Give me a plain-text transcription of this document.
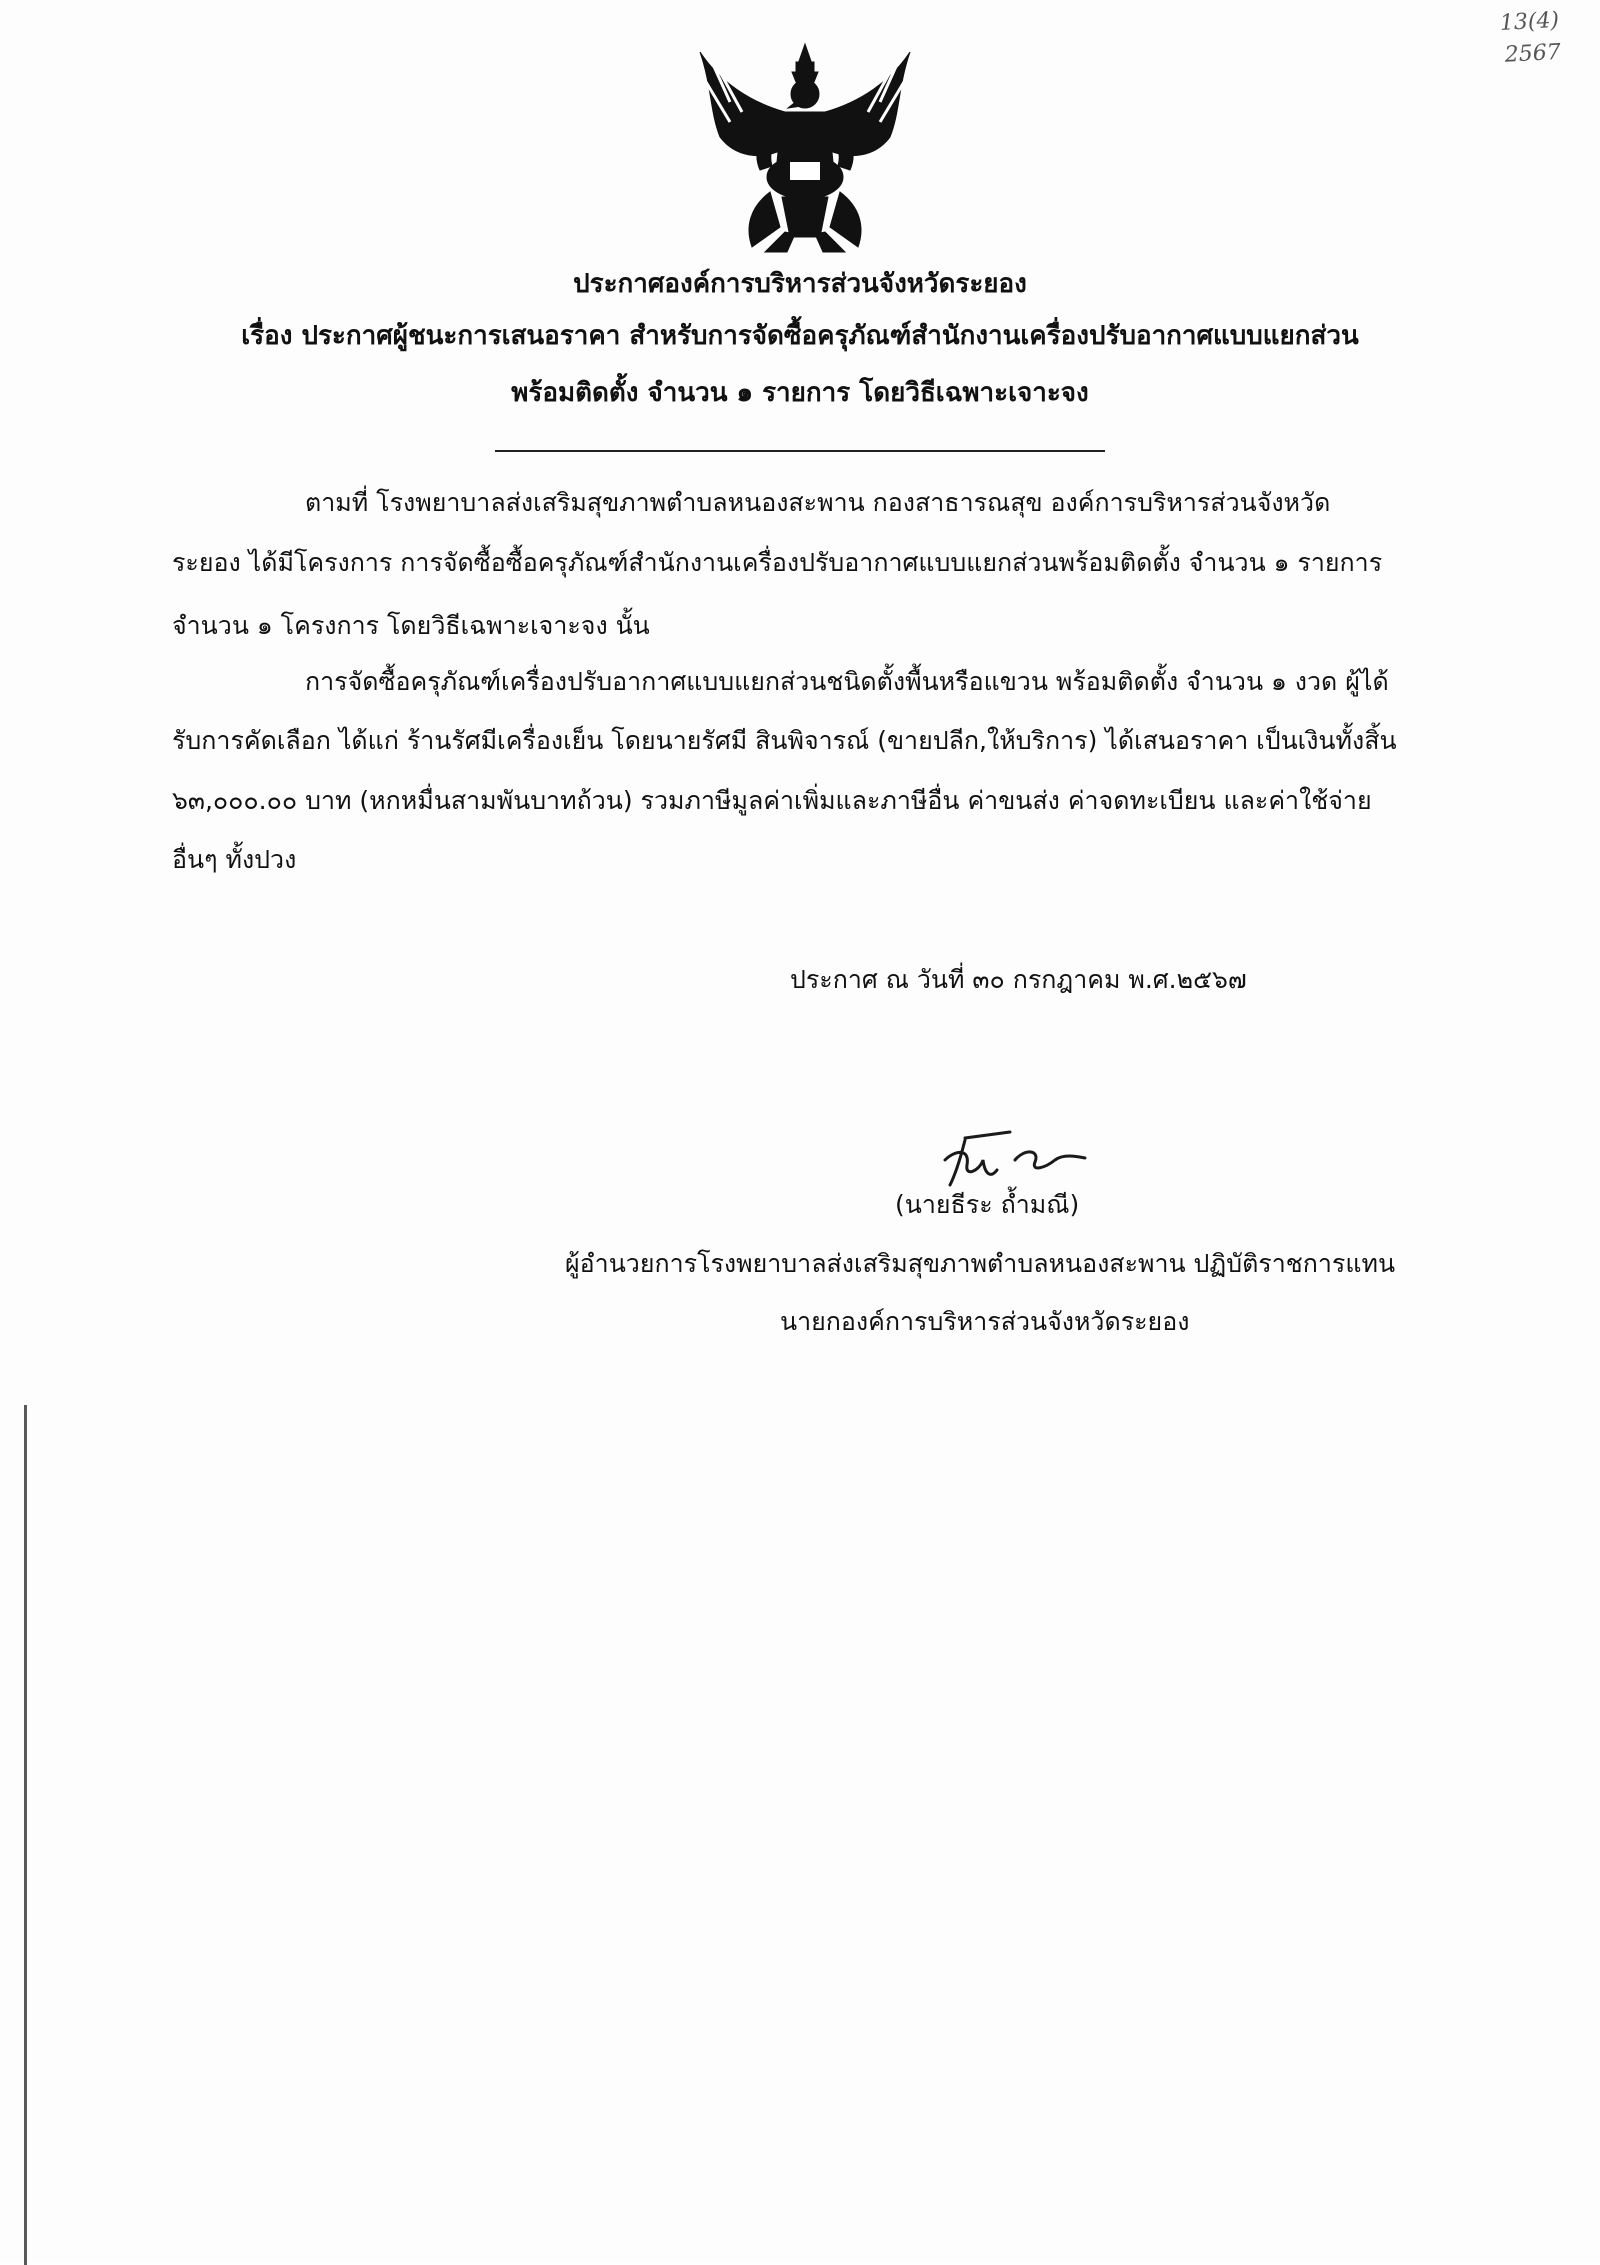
13(4)
2567
ประกาศองค์การบริหารส่วนจังหวัดระยอง
เรื่อง ประกาศผู้ชนะการเสนอราคา สำหรับการจัดซื้อครุภัณฑ์สำนักงานเครื่องปรับอากาศแบบแยกส่วน
พร้อมติดตั้ง จำนวน ๑ รายการ โดยวิธีเฉพาะเจาะจง
ตามที่ โรงพยาบาลส่งเสริมสุขภาพตำบลหนองสะพาน กองสาธารณสุข องค์การบริหารส่วนจังหวัด
ระยอง ได้มีโครงการ การจัดซื้อซื้อครุภัณฑ์สำนักงานเครื่องปรับอากาศแบบแยกส่วนพร้อมติดตั้ง จำนวน ๑ รายการ
จำนวน ๑ โครงการ โดยวิธีเฉพาะเจาะจง นั้น
การจัดซื้อครุภัณฑ์เครื่องปรับอากาศแบบแยกส่วนชนิดตั้งพื้นหรือแขวน พร้อมติดตั้ง จำนวน ๑ งวด ผู้ได้
รับการคัดเลือก ได้แก่ ร้านรัศมีเครื่องเย็น โดยนายรัศมี สินพิจารณ์ (ขายปลีก,ให้บริการ) ได้เสนอราคา เป็นเงินทั้งสิ้น
๖๓,๐๐๐.๐๐ บาท (หกหมื่นสามพันบาทถ้วน) รวมภาษีมูลค่าเพิ่มและภาษีอื่น ค่าขนส่ง ค่าจดทะเบียน และค่าใช้จ่าย
อื่นๆ ทั้งปวง
ประกาศ ณ วันที่ ๓๐ กรกฎาคม พ.ศ.๒๕๖๗
(นายธีระ ถ้ำมณี)
ผู้อำนวยการโรงพยาบาลส่งเสริมสุขภาพตำบลหนองสะพาน ปฏิบัติราชการแทน
นายกองค์การบริหารส่วนจังหวัดระยอง
